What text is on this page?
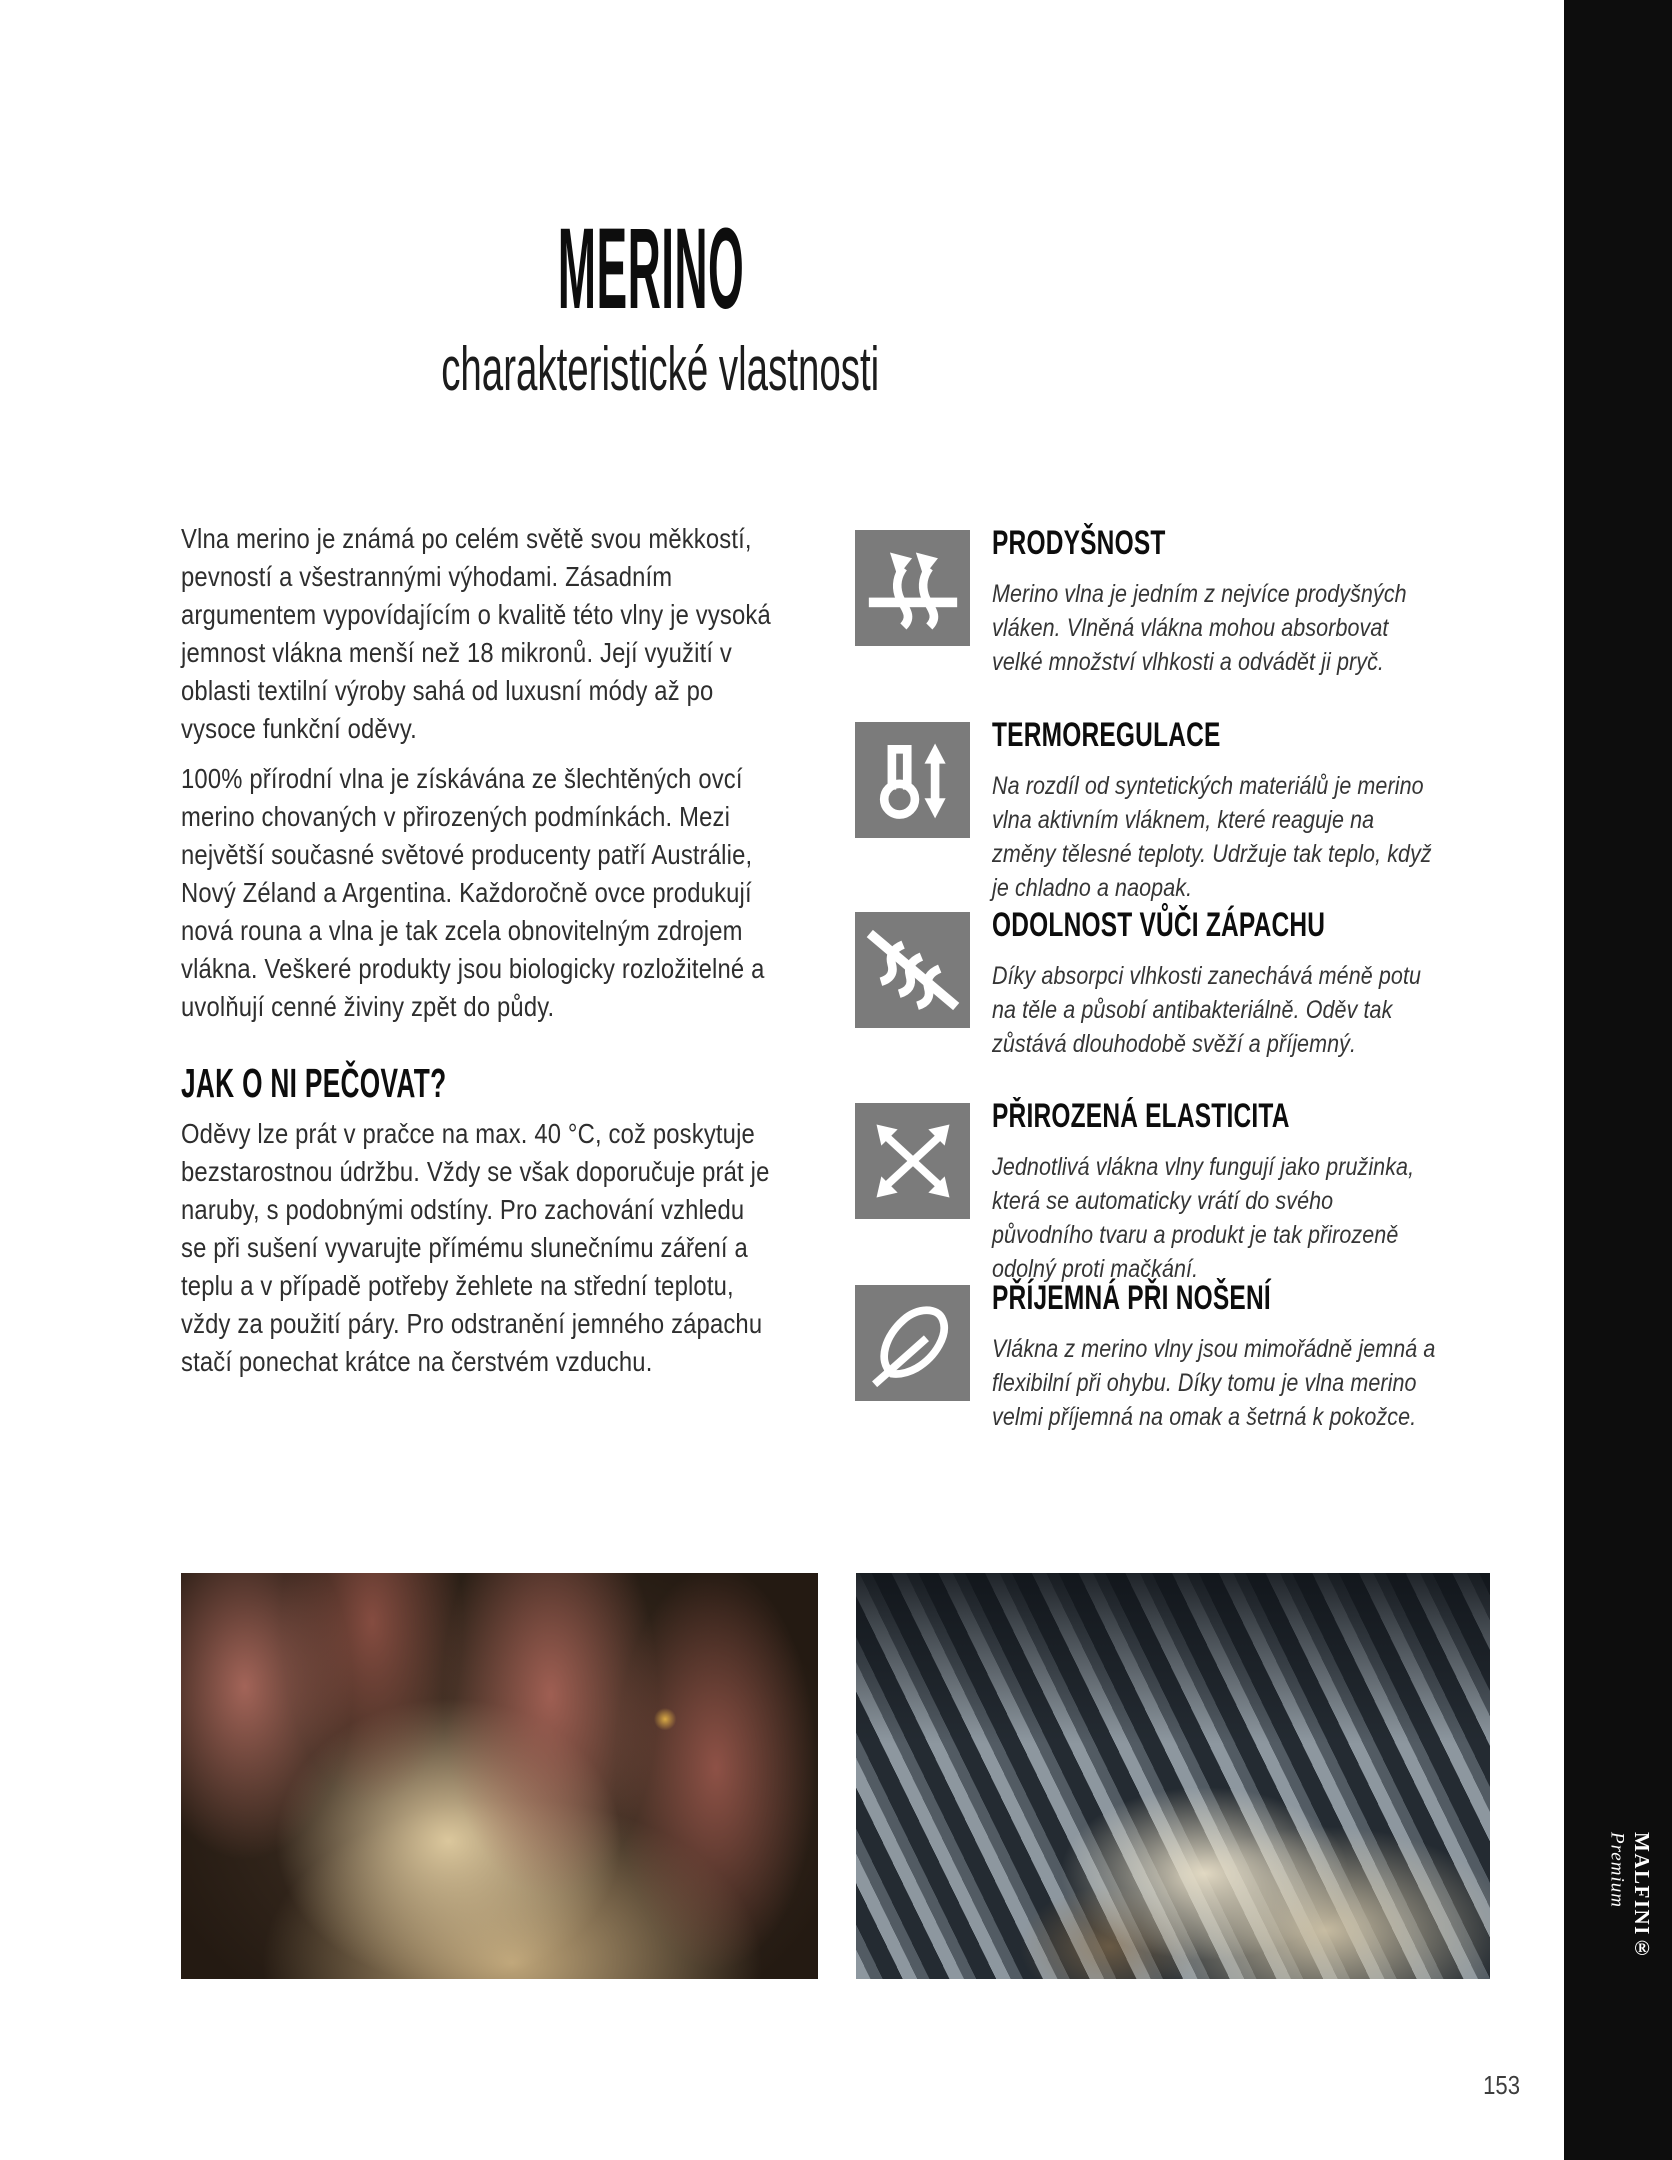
MERINO
charakteristické vlastnosti
Vlna merino je známá po celém světě svou měkkostí, pevností a všestrannými výhodami. Zásadním argumentem vypovídajícím o kvalitě této vlny je vysoká jemnost vlákna menší než 18 mikronů. Její využití v oblasti textilní výroby sahá od luxusní módy až po vysoce funkční oděvy.
100% přírodní vlna je získávána ze šlechtěných ovcí merino chovaných v přirozených podmínkách. Mezi největší současné světové producenty patří Austrálie, Nový Zéland a Argentina. Každoročně ovce produkují nová rouna a vlna je tak zcela obnovitelným zdrojem vlákna. Veškeré produkty jsou biologicky rozložitelné a uvolňují cenné živiny zpět do půdy.
JAK O NI PEČOVAT?
Oděvy lze prát v pračce na max. 40 °C, což poskytuje bezstarostnou údržbu. Vždy se však doporučuje prát je naruby, s podobnými odstíny. Pro zachování vzhledu se při sušení vyvarujte přímému slunečnímu záření a teplu a v případě potřeby žehlete na střední teplotu, vždy za použití páry. Pro odstranění jemného zápachu stačí ponechat krátce na čerstvém vzduchu.
PRODYŠNOST
Merino vlna je jedním z nejvíce prodyšných vláken. Vlněná vlákna mohou absorbovat velké množství vlhkosti a odvádět ji pryč.
TERMOREGULACE
Na rozdíl od syntetických materiálů je merino vlna aktivním vláknem, které reaguje na změny tělesné teploty. Udržuje tak teplo, když je chladno a naopak.
ODOLNOST VŮČI ZÁPACHU
Díky absorpci vlhkosti zanechává méně potu na těle a působí antibakteriálně. Oděv tak zůstává dlouhodobě svěží a příjemný.
PŘIROZENÁ ELASTICITA
Jednotlivá vlákna vlny fungují jako pružinka, která se automaticky vrátí do svého původního tvaru a produkt je tak přirozeně odolný proti mačkání.
PŘÍJEMNÁ PŘI NOŠENÍ
Vlákna z merino vlny jsou mimořádně jemná a flexibilní při ohybu. Díky tomu je vlna merino velmi příjemná na omak a šetrná k pokožce.
MALFINI®
Premium
153
